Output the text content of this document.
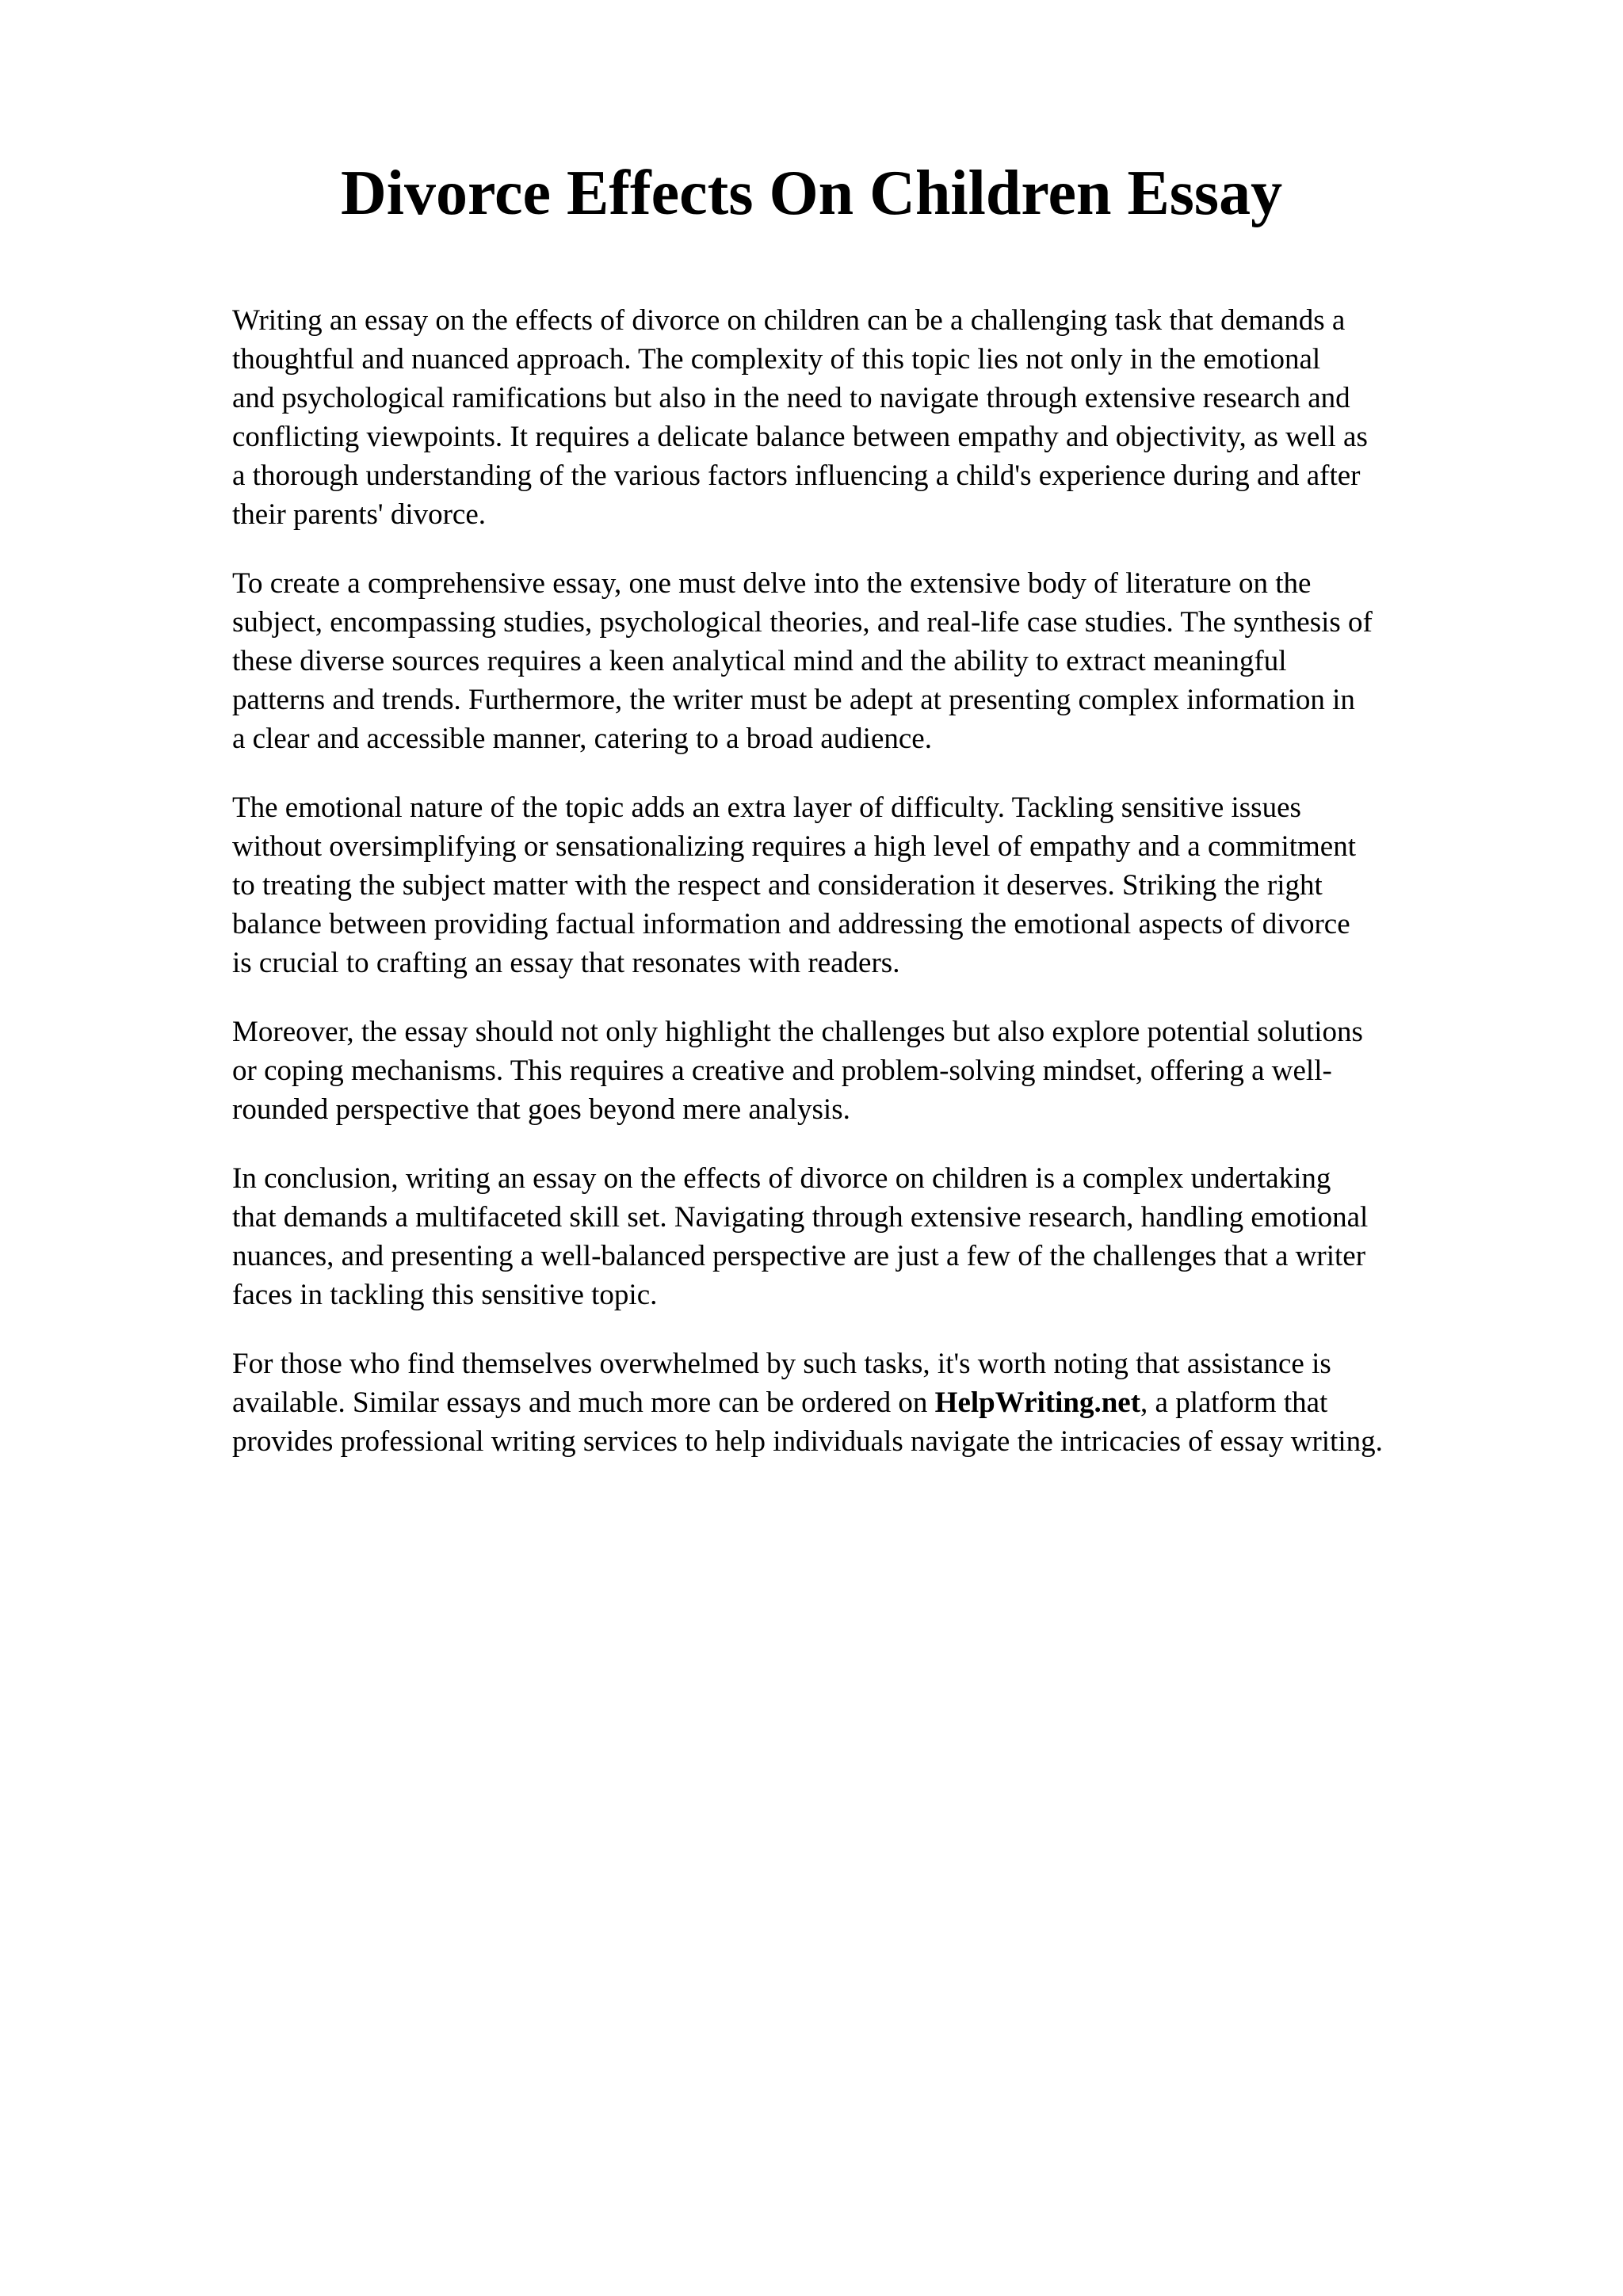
Divorce Effects On Children Essay

Writing an essay on the effects of divorce on children can be a challenging task that demands a
thoughtful and nuanced approach. The complexity of this topic lies not only in the emotional
and psychological ramifications but also in the need to navigate through extensive research and
conflicting viewpoints. It requires a delicate balance between empathy and objectivity, as well as
a thorough understanding of the various factors influencing a child's experience during and after
their parents' divorce.

To create a comprehensive essay, one must delve into the extensive body of literature on the
subject, encompassing studies, psychological theories, and real-life case studies. The synthesis of
these diverse sources requires a keen analytical mind and the ability to extract meaningful
patterns and trends. Furthermore, the writer must be adept at presenting complex information in
a clear and accessible manner, catering to a broad audience.

The emotional nature of the topic adds an extra layer of difficulty. Tackling sensitive issues
without oversimplifying or sensationalizing requires a high level of empathy and a commitment
to treating the subject matter with the respect and consideration it deserves. Striking the right
balance between providing factual information and addressing the emotional aspects of divorce
is crucial to crafting an essay that resonates with readers.

Moreover, the essay should not only highlight the challenges but also explore potential solutions
or coping mechanisms. This requires a creative and problem-solving mindset, offering a well-
rounded perspective that goes beyond mere analysis.

In conclusion, writing an essay on the effects of divorce on children is a complex undertaking
that demands a multifaceted skill set. Navigating through extensive research, handling emotional
nuances, and presenting a well-balanced perspective are just a few of the challenges that a writer
faces in tackling this sensitive topic.

For those who find themselves overwhelmed by such tasks, it's worth noting that assistance is
available. Similar essays and much more can be ordered on HelpWriting.net, a platform that
provides professional writing services to help individuals navigate the intricacies of essay writing.
